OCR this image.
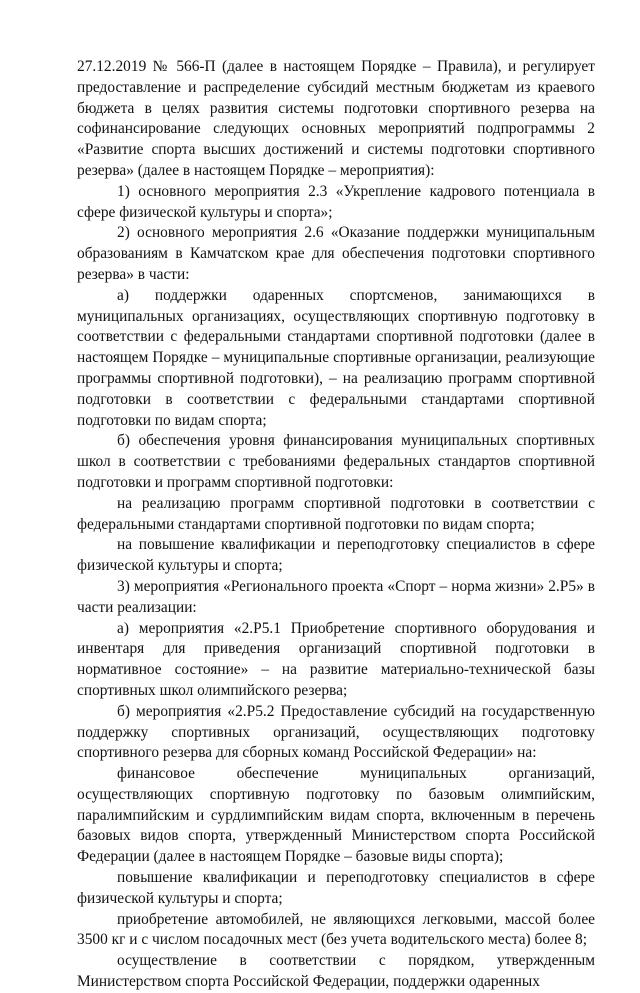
27.12.2019 № 566-П (далее в настоящем Порядке – Правила), и регулирует предоставление и распределение субсидий местным бюджетам из краевого бюджета в целях развития системы подготовки спортивного резерва на софинансирование следующих основных мероприятий подпрограммы 2 «Развитие спорта высших достижений и системы подготовки спортивного резерва» (далее в настоящем Порядке – мероприятия):

1) основного мероприятия 2.3 «Укрепление кадрового потенциала в сфере физической культуры и спорта»;

2) основного мероприятия 2.6 «Оказание поддержки муниципальным образованиям в Камчатском крае для обеспечения подготовки спортивного резерва» в части:

а) поддержки одаренных спортсменов, занимающихся в муниципальных организациях, осуществляющих спортивную подготовку в соответствии с федеральными стандартами спортивной подготовки (далее в настоящем Порядке – муниципальные спортивные организации, реализующие программы спортивной подготовки), – на реализацию программ спортивной подготовки в соответствии с федеральными стандартами спортивной подготовки по видам спорта;

б) обеспечения уровня финансирования муниципальных спортивных школ в соответствии с требованиями федеральных стандартов спортивной подготовки и программ спортивной подготовки:

на реализацию программ спортивной подготовки в соответствии с федеральными стандартами спортивной подготовки по видам спорта;

на повышение квалификации и переподготовку специалистов в сфере физической культуры и спорта;

3) мероприятия «Регионального проекта «Спорт – норма жизни» 2.Р5» в части реализации:

а) мероприятия «2.Р5.1 Приобретение спортивного оборудования и инвентаря для приведения организаций спортивной подготовки в нормативное состояние» – на развитие материально-технической базы спортивных школ олимпийского резерва;

б) мероприятия «2.Р5.2 Предоставление субсидий на государственную поддержку спортивных организаций, осуществляющих подготовку спортивного резерва для сборных команд Российской Федерации» на:

финансовое обеспечение муниципальных организаций, осуществляющих спортивную подготовку по базовым олимпийским, паралимпийским и сурдлимпийским видам спорта, включенным в перечень базовых видов спорта, утвержденный Министерством спорта Российской Федерации (далее в настоящем Порядке – базовые виды спорта);

повышение квалификации и переподготовку специалистов в сфере физической культуры и спорта;

приобретение автомобилей, не являющихся легковыми, массой более 3500 кг и с числом посадочных мест (без учета водительского места) более 8;

осуществление в соответствии с порядком, утвержденным Министерством спорта Российской Федерации, поддержки одаренных
